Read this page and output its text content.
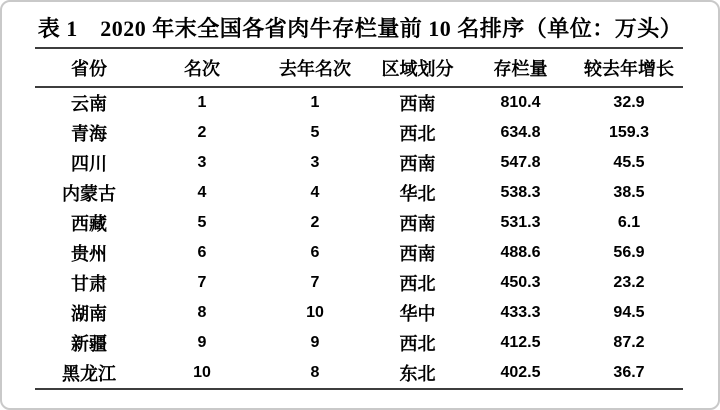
表 1　2020 年末全国各省肉牛存栏量前 10 名排序（单位：万头）
省份	名次	去年名次	区域划分	存栏量	较去年增长
云南	1	1	西南	810.4	32.9
青海	2	5	西北	634.8	159.3
四川	3	3	西南	547.8	45.5
内蒙古	4	4	华北	538.3	38.5
西藏	5	2	西南	531.3	6.1
贵州	6	6	西南	488.6	56.9
甘肃	7	7	西北	450.3	23.2
湖南	8	10	华中	433.3	94.5
新疆	9	9	西北	412.5	87.2
黑龙江	10	8	东北	402.5	36.7
